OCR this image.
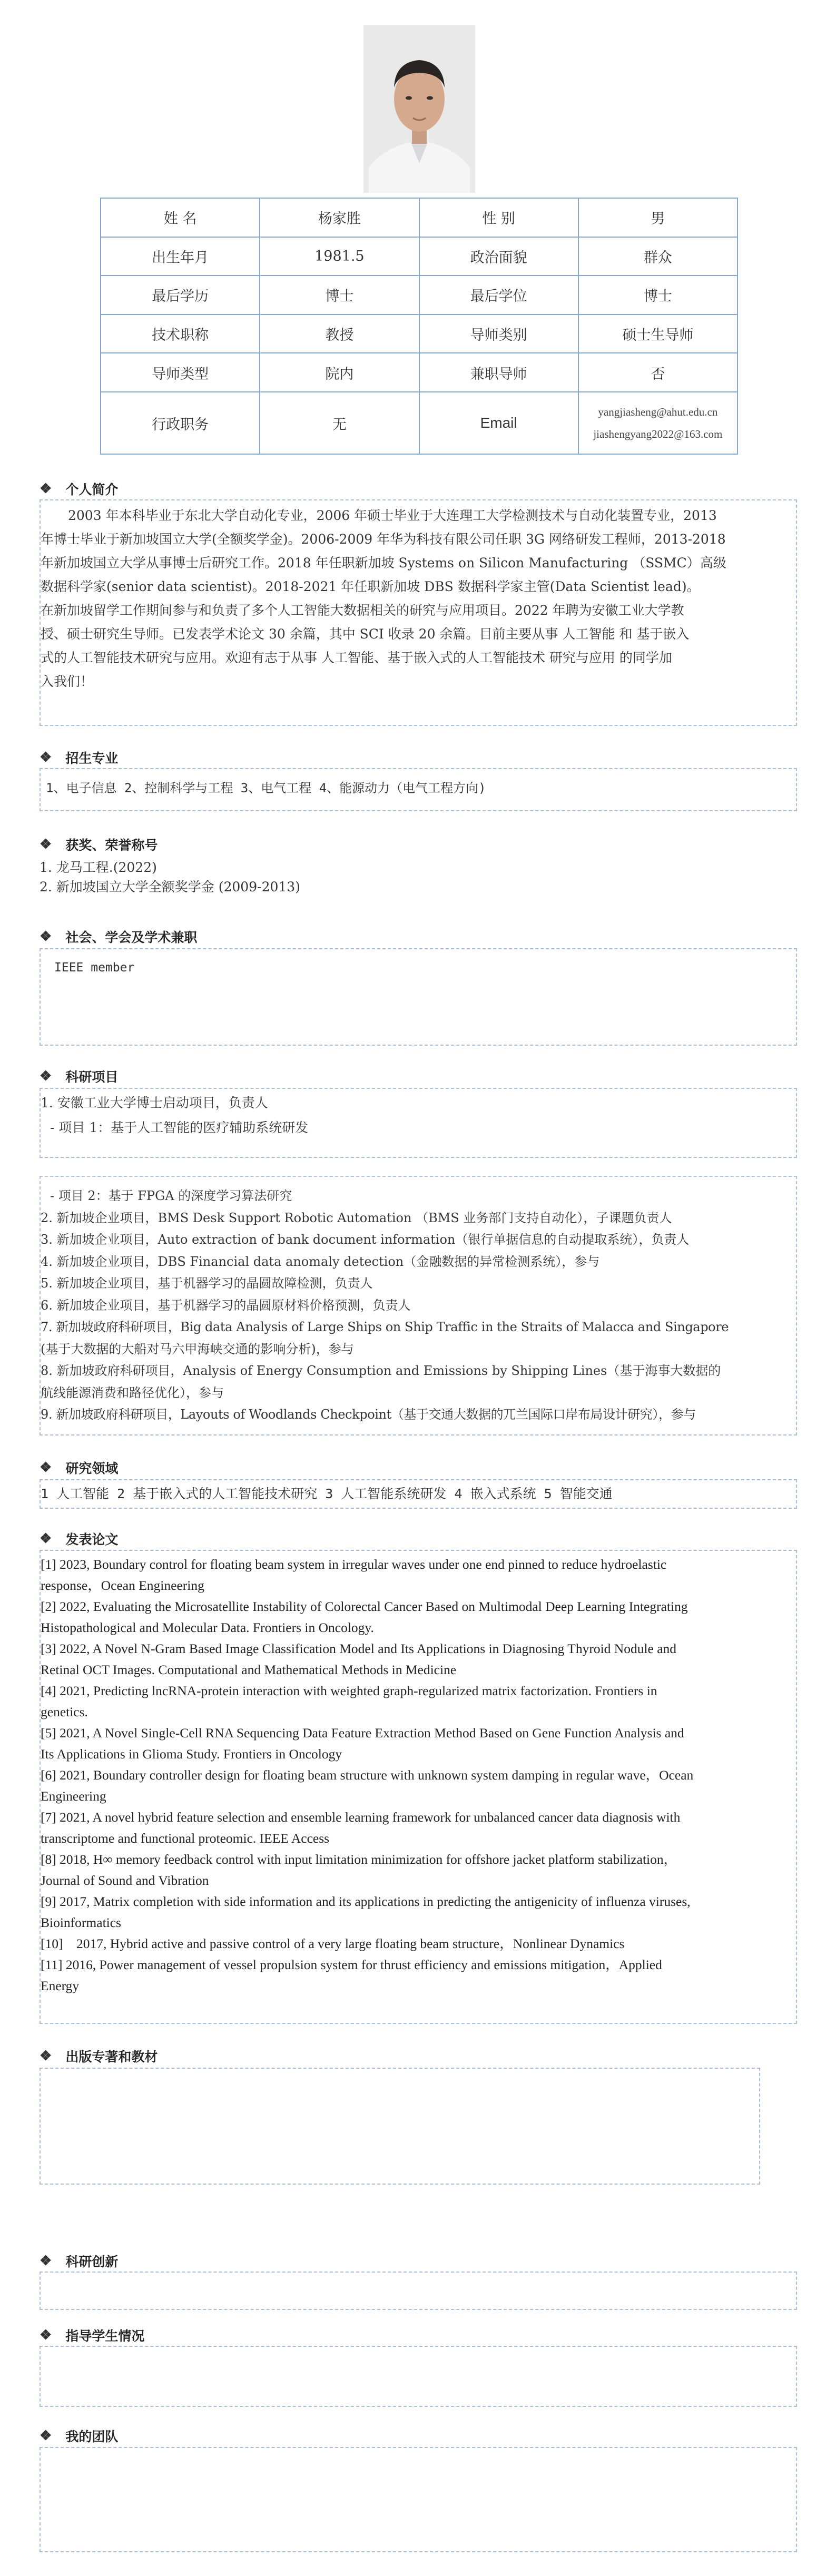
姓 名	杨家胜	性 别	男
出生年月	1981.5	政治面貌	群众
最后学历	博士	最后学位	博士
技术职称	教授	导师类别	硕士生导师
导师类型	院内	兼职导师	否
行政职务	无	Email	yangjiasheng@ahut.edu.cn
jiashengyang2022@163.com
❖ 个人简介
2003 年本科毕业于东北大学自动化专业，2006 年硕士毕业于大连理工大学检测技术与自动化装置专业，2013
年博士毕业于新加坡国立大学(全额奖学金)。2006-2009 年华为科技有限公司任职 3G 网络研发工程师，2013-2018
年新加坡国立大学从事博士后研究工作。2018 年任职新加坡 Systems on Silicon Manufacturing （SSMC）高级
数据科学家(senior data scientist)。2018-2021 年任职新加坡 DBS 数据科学家主管(Data Scientist lead)。
在新加坡留学工作期间参与和负责了多个人工智能大数据相关的研究与应用项目。2022 年聘为安徽工业大学教
授、硕士研究生导师。已发表学术论文 30 余篇，其中 SCI 收录 20 余篇。目前主要从事 人工智能 和 基于嵌入
式的人工智能技术研究与应用。欢迎有志于从事 人工智能、基于嵌入式的人工智能技术 研究与应用 的同学加
入我们！
❖ 招生专业
1、电子信息 2、控制科学与工程 3、电气工程 4、能源动力（电气工程方向)
❖ 获奖、荣誉称号
1. 龙马工程.(2022)
2. 新加坡国立大学全额奖学金 (2009-2013)
❖ 社会、学会及学术兼职
IEEE member
❖ 科研项目
1. 安徽工业大学博士启动项目，负责人
- 项目 1：基于人工智能的医疗辅助系统研发
- 项目 2：基于 FPGA 的深度学习算法研究
2. 新加坡企业项目，BMS Desk Support Robotic Automation （BMS 业务部门支持自动化），子课题负责人
3. 新加坡企业项目，Auto extraction of bank document information（银行单据信息的自动提取系统），负责人
4. 新加坡企业项目，DBS Financial data anomaly detection（金融数据的异常检测系统），参与
5. 新加坡企业项目，基于机器学习的晶圆故障检测，负责人
6. 新加坡企业项目，基于机器学习的晶圆原材料价格预测，负责人
7. 新加坡政府科研项目，Big data Analysis of Large Ships on Ship Traffic in the Straits of Malacca and Singapore
(基于大数据的大船对马六甲海峡交通的影响分析)，参与
8. 新加坡政府科研项目，Analysis of Energy Consumption and Emissions by Shipping Lines（基于海事大数据的
航线能源消费和路径优化），参与
9. 新加坡政府科研项目，Layouts of Woodlands Checkpoint（基于交通大数据的兀兰国际口岸布局设计研究），参与
❖ 研究领域
1 人工智能 2 基于嵌入式的人工智能技术研究 3 人工智能系统研发 4 嵌入式系统 5 智能交通
❖ 发表论文
[1] 2023, Boundary control for floating beam system in irregular waves under one end pinned to reduce hydroelastic
response，Ocean Engineering
[2] 2022, Evaluating the Microsatellite Instability of Colorectal Cancer Based on Multimodal Deep Learning Integrating
Histopathological and Molecular Data. Frontiers in Oncology.
[3] 2022, A Novel N-Gram Based Image Classification Model and Its Applications in Diagnosing Thyroid Nodule and
Retinal OCT Images. Computational and Mathematical Methods in Medicine
[4] 2021, Predicting lncRNA-protein interaction with weighted graph-regularized matrix factorization. Frontiers in
genetics.
[5] 2021, A Novel Single-Cell RNA Sequencing Data Feature Extraction Method Based on Gene Function Analysis and
Its Applications in Glioma Study. Frontiers in Oncology
[6] 2021, Boundary controller design for floating beam structure with unknown system damping in regular wave，Ocean
Engineering
[7] 2021, A novel hybrid feature selection and ensemble learning framework for unbalanced cancer data diagnosis with
transcriptome and functional proteomic. IEEE Access
[8] 2018, H∞ memory feedback control with input limitation minimization for offshore jacket platform stabilization，
Journal of Sound and Vibration
[9] 2017, Matrix completion with side information and its applications in predicting the antigenicity of influenza viruses,
Bioinformatics
[10]    2017, Hybrid active and passive control of a very large floating beam structure，Nonlinear Dynamics
[11] 2016, Power management of vessel propulsion system for thrust efficiency and emissions mitigation，Applied
Energy
❖ 出版专著和教材
❖ 科研创新
❖ 指导学生情况
❖ 我的团队
